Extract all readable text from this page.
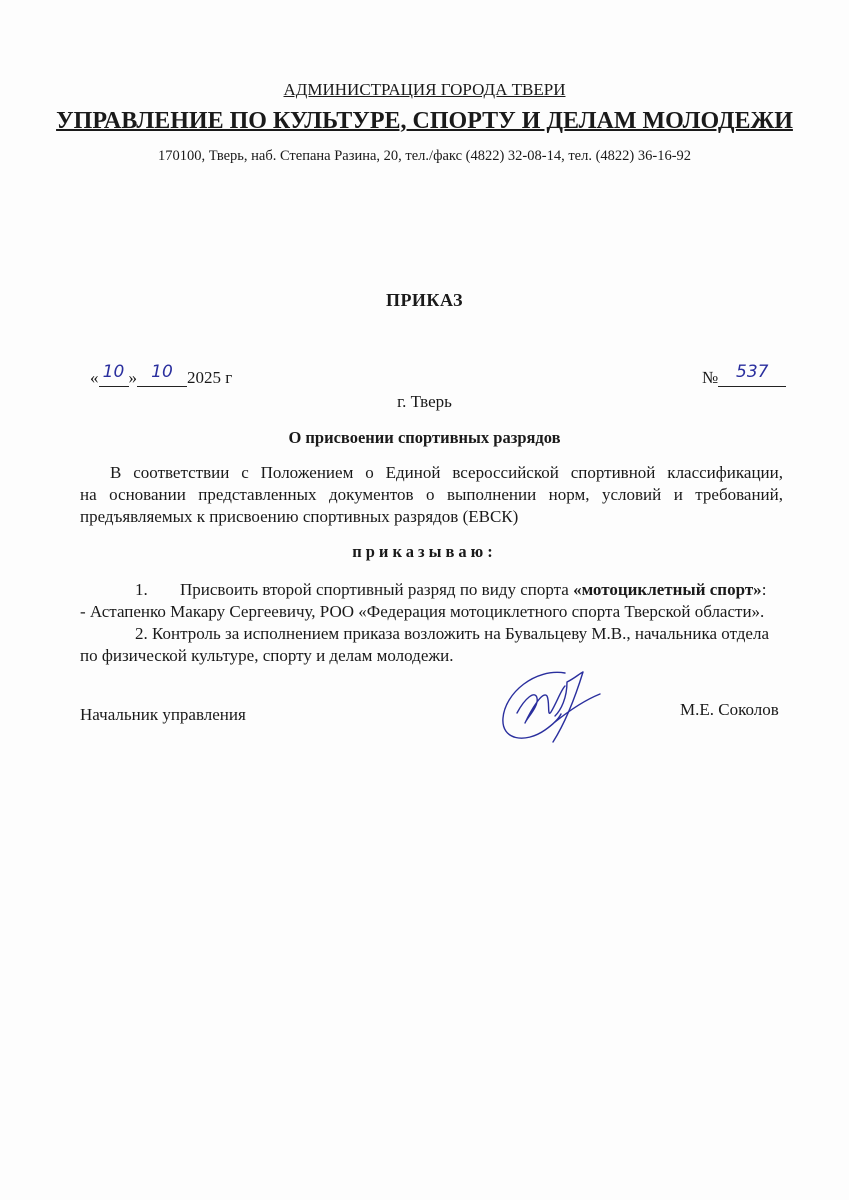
АДМИНИСТРАЦИЯ ГОРОДА ТВЕРИ
УПРАВЛЕНИЕ ПО КУЛЬТУРЕ, СПОРТУ И ДЕЛАМ МОЛОДЕЖИ
170100, Тверь, наб. Степана Разина, 20, тел./факс (4822) 32-08-14, тел. (4822) 36-16-92
ПРИКАЗ
« 10 » 10 2025 г	№ 537
г. Тверь
О присвоении спортивных разрядов
В соответствии с Положением о Единой всероссийской спортивной классификации,
на основании представленных документов о выполнении норм, условий и требований,
предъявляемых к присвоению спортивных разрядов (ЕВСК)
приказываю:
1. Присвоить второй спортивный разряд по виду спорта «мотоциклетный спорт»:
- Астапенко Макару Сергеевичу, РОО «Федерация мотоциклетного спорта Тверской области».
2. Контроль за исполнением приказа возложить на Бувальцеву М.В., начальника отдела
по физической культуре, спорту и делам молодежи.
Начальник управления	М.Е. Соколов
